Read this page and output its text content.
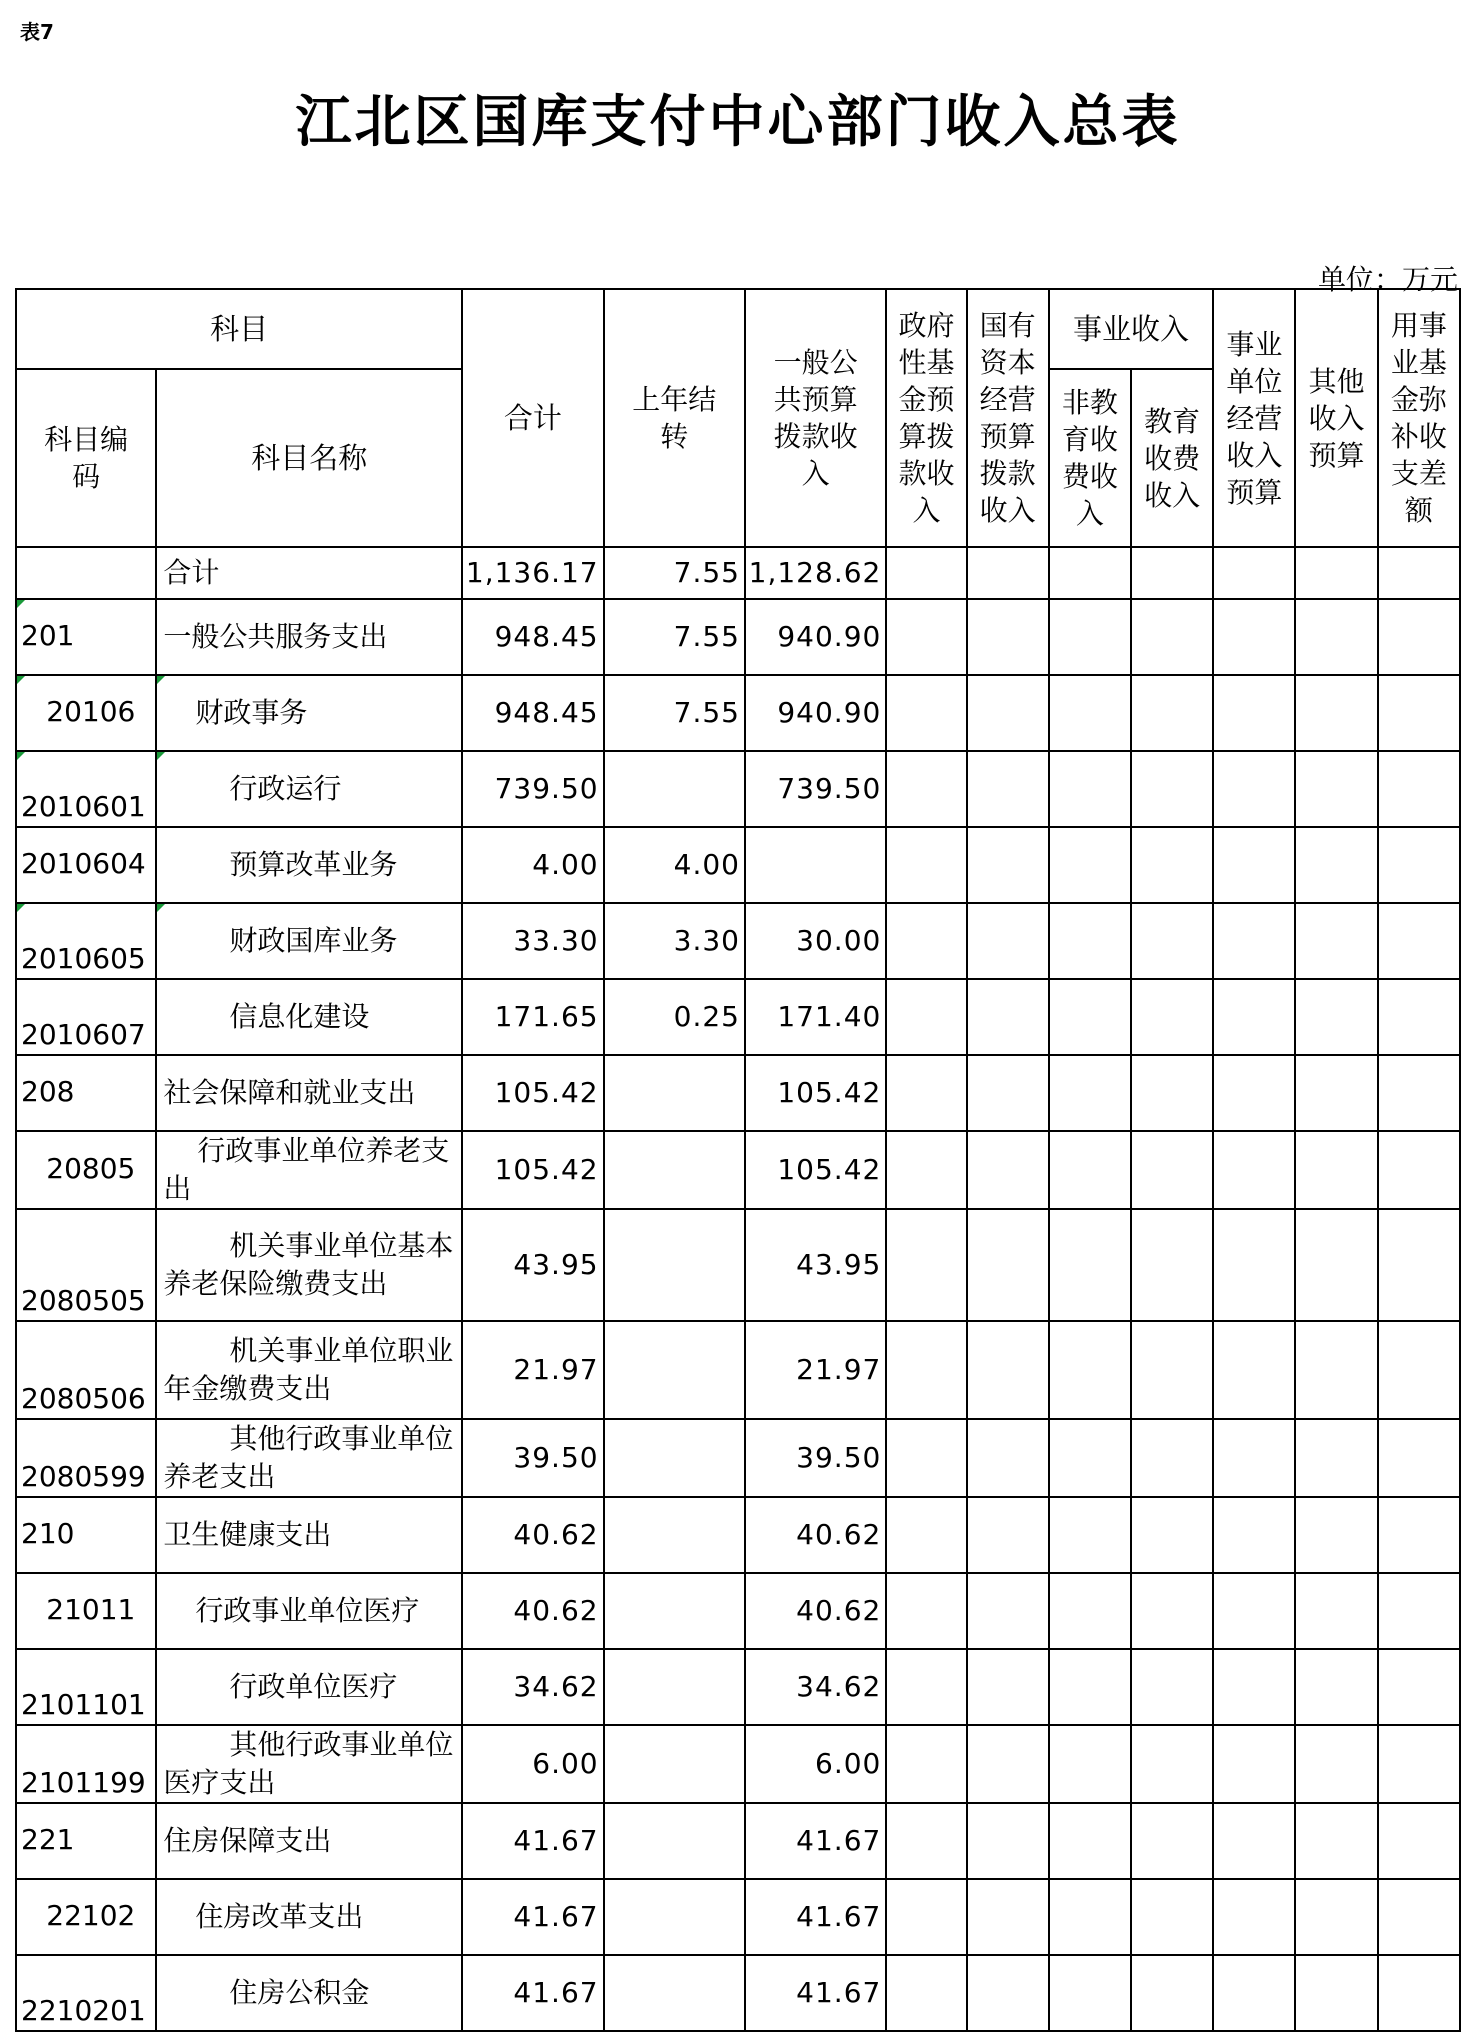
表7
江北区国库支付中心部门收入总表
单位：万元
科目		合计	上年结转	一般公共预算拨款收入	政府性基金预算拨款收入	国有资本经营预算拨款收入	事业收入		事业单位经营收入预算	其他收入预算	用事业基金弥补收支差额
科目编码	科目名称						非教育收费收入	教育收费收入			
	合计	1,136.17	7.55	1,128.62							

201	一般公共服务支出	948.45	7.55	940.90							

20106	财政事务	948.45	7.55	940.90							

2010601	行政运行	739.50		739.50							
2010604	预算改革业务	4.00	4.00								

2010605	财政国库业务	33.30	3.30	30.00							
2010607	信息化建设	171.65	0.25	171.40							
208	社会保障和就业支出	105.42		105.42							
20805	行政事业单位养老支出	105.42		105.42							
2080505	机关事业单位基本养老保险缴费支出	43.95		43.95							
2080506	机关事业单位职业年金缴费支出	21.97		21.97							
2080599	其他行政事业单位养老支出	39.50		39.50							
210	卫生健康支出	40.62		40.62							
21011	行政事业单位医疗	40.62		40.62							
2101101	行政单位医疗	34.62		34.62							
2101199	其他行政事业单位医疗支出	6.00		6.00							
221	住房保障支出	41.67		41.67							
22102	住房改革支出	41.67		41.67							
2210201	住房公积金	41.67		41.67							
